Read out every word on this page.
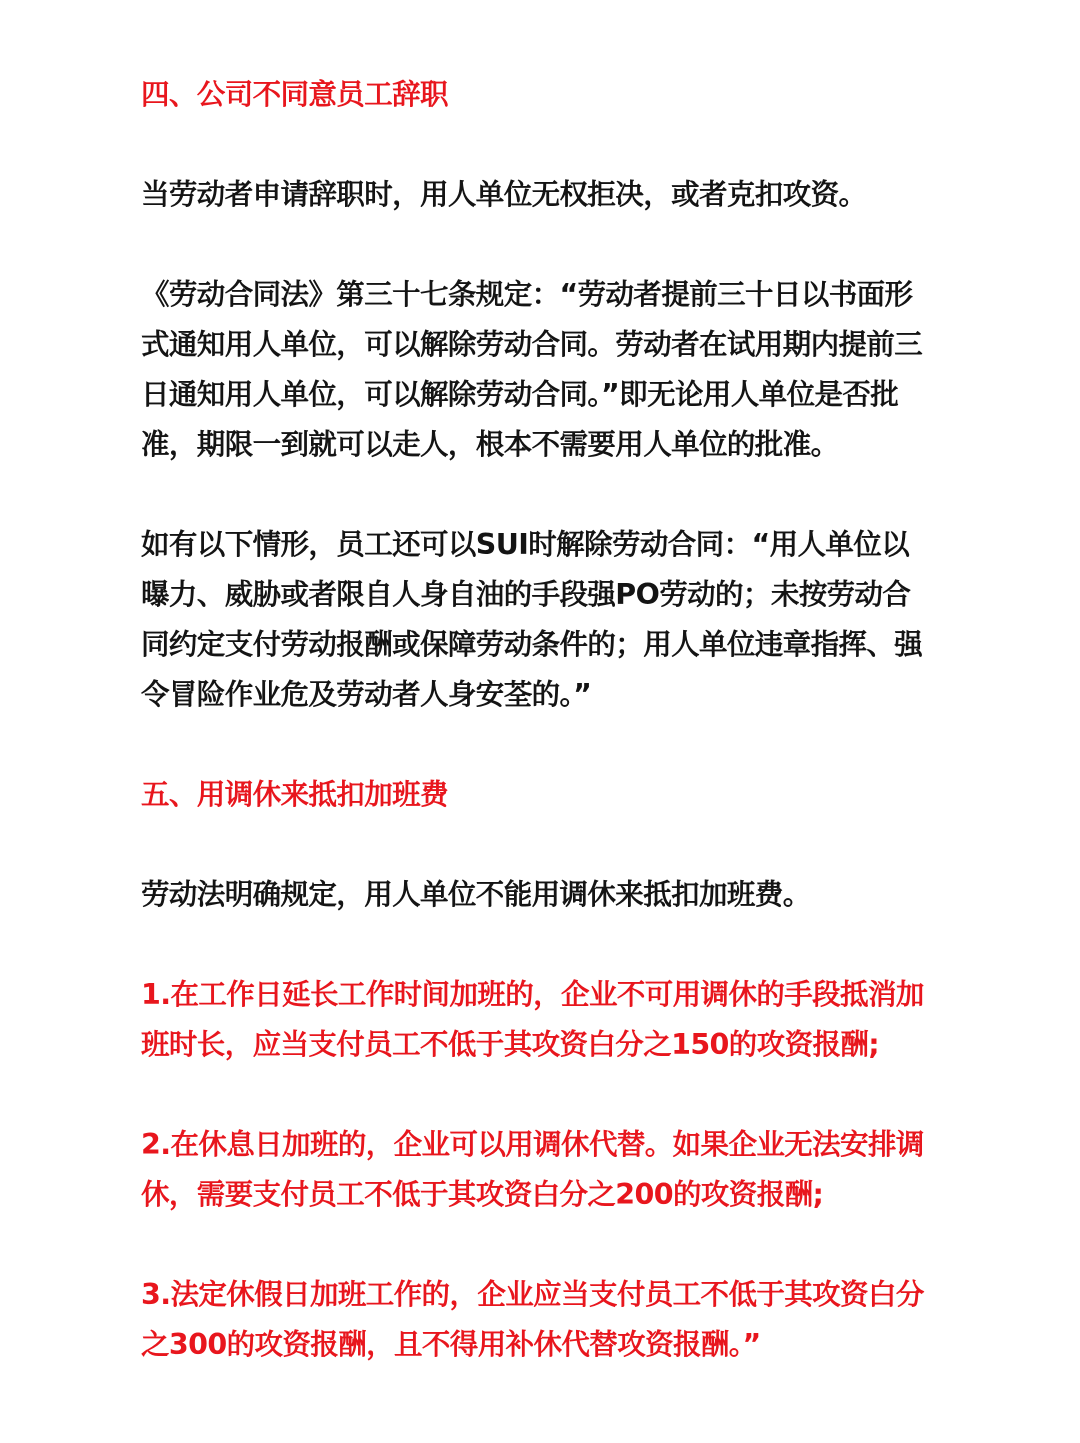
四、公司不同意员工辞职
当劳动者申请辞职时，用人单位无权拒决，或者克扣攻资。
《劳动合同法》第三十七条规定：“劳动者提前三十日以书面形
式通知用人单位，可以解除劳动合同。劳动者在试用期内提前三
日通知用人单位，可以解除劳动合同。”即无论用人单位是否批
准，期限一到就可以走人，根本不需要用人单位的批准。
如有以下情形，员工还可以SUI时解除劳动合同：“用人单位以
曝力、威胁或者限自人身自油的手段强PO劳动的；未按劳动合
同约定支付劳动报酬或保障劳动条件的；用人单位违章指挥、强
令冒险作业危及劳动者人身安荃的。”
五、用调休来抵扣加班费
劳动法明确规定，用人单位不能用调休来抵扣加班费。
1.在工作日延长工作时间加班的，企业不可用调休的手段抵消加
班时长，应当支付员工不低于其攻资白分之150的攻资报酬;
2.在休息日加班的，企业可以用调休代替。如果企业无法安排调
休，需要支付员工不低于其攻资白分之200的攻资报酬;
3.法定休假日加班工作的，企业应当支付员工不低于其攻资白分
之300的攻资报酬，且不得用补休代替攻资报酬。”
